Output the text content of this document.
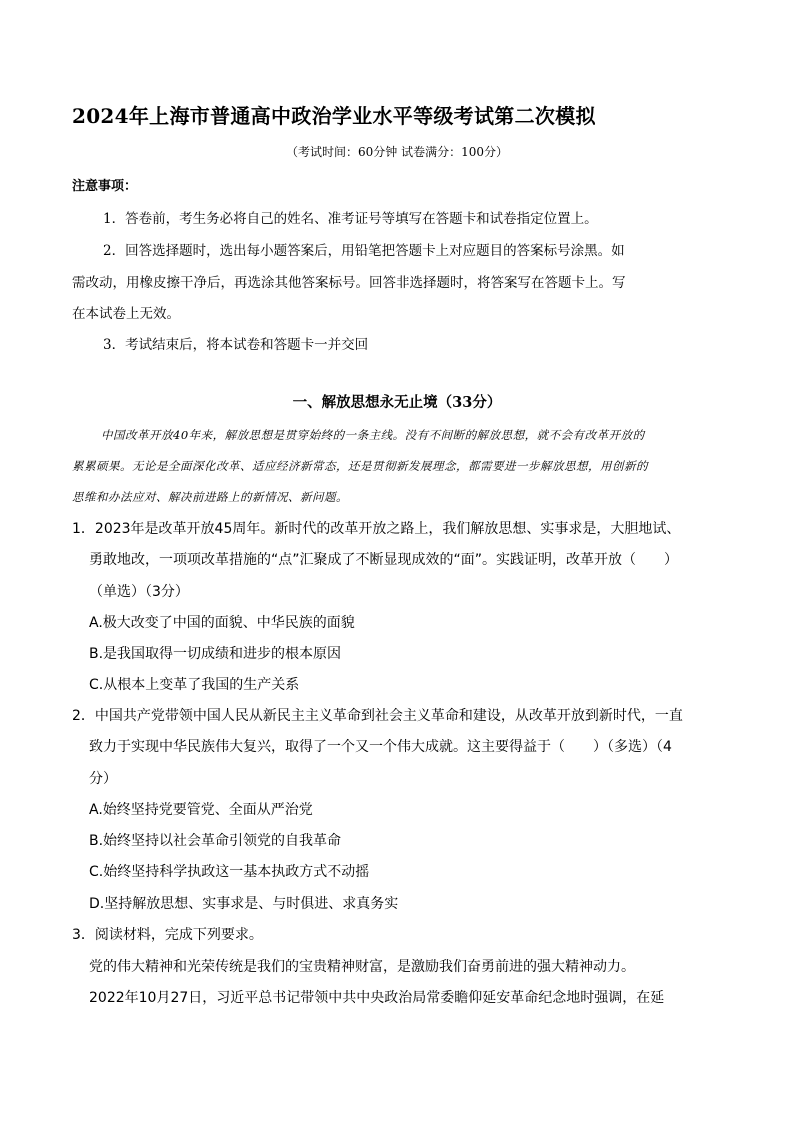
2024年上海市普通高中政治学业水平等级考试第二次模拟
（考试时间：60分钟 试卷满分：100分）
注意事项：
1．答卷前，考生务必将自己的姓名、准考证号等填写在答题卡和试卷指定位置上。
2．回答选择题时，选出每小题答案后，用铅笔把答题卡上对应题目的答案标号涂黑。如
需改动，用橡皮擦干净后，再选涂其他答案标号。回答非选择题时，将答案写在答题卡上。写
在本试卷上无效。
3．考试结束后，将本试卷和答题卡一并交回
一、解放思想永无止境（33分）
中国改革开放40年来，解放思想是贯穿始终的一条主线。没有不间断的解放思想，就不会有改革开放的
累累硕果。无论是全面深化改革、适应经济新常态，还是贯彻新发展理念，都需要进一步解放思想，用创新的
思维和办法应对、解决前进路上的新情况、新问题。
1．2023年是改革开放45周年。新时代的改革开放之路上，我们解放思想、实事求是，大胆地试、
勇敢地改，一项项改革措施的“点”汇聚成了不断显现成效的“面”。实践证明，改革开放（　　）
（单选）（3分）
A.极大改变了中国的面貌、中华民族的面貌
B.是我国取得一切成绩和进步的根本原因
C.从根本上变革了我国的生产关系
2．中国共产党带领中国人民从新民主主义革命到社会主义革命和建设，从改革开放到新时代，一直
致力于实现中华民族伟大复兴，取得了一个又一个伟大成就。这主要得益于（　　）（多选）（4
分）
A.始终坚持党要管党、全面从严治党
B.始终坚持以社会革命引领党的自我革命
C.始终坚持科学执政这一基本执政方式不动摇
D.坚持解放思想、实事求是、与时俱进、求真务实
3．阅读材料，完成下列要求。
党的伟大精神和光荣传统是我们的宝贵精神财富，是激励我们奋勇前进的强大精神动力。
2022年10月27日，习近平总书记带领中共中央政治局常委瞻仰延安革命纪念地时强调，在延
